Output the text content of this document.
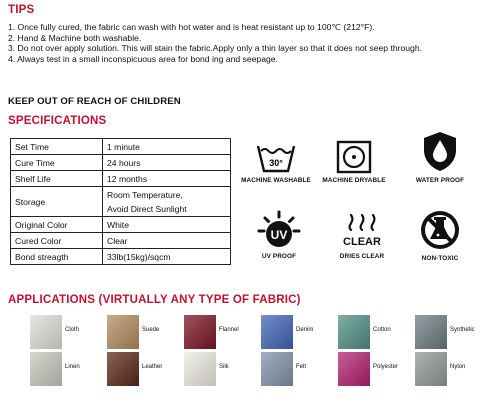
TIPS

1. Once fully cured, the fabric can wash with hot water and is heat resistant up to 100℃ (212°F).

2. Hand & Machine both washable.

3. Do not over apply solution. This will stain the fabric.Apply only a thin layer so that it does not seep through.

4. Always test in a small inconspicuous area for bond ing and seepage.

KEEP OUT OF REACH OF CHILDREN
SPECIFICATIONS
Set Time	1 minute
Cure Time	24 hours
Shelf Life	12 months
Storage	Room Temperature,
Avoid Direct Sunlight

Original Color	White
Cured Color	Clear
Bond streagth	33lb(15kg)/sqcm
30°
MACHINE WASHABLE	MACHINE DRYABLE	WATER PROOF
UV
UV PROOF
CLEAR
DRIES CLEAR	NON-TOXIC
APPLICATIONS (VIRTUALLY ANY TYPE OF FABRIC)
Cloth	Suede	Flannel	Denim	Cotton	Synthetic
Linen	Leather	Silk	Felt	Polyester	Nylon
